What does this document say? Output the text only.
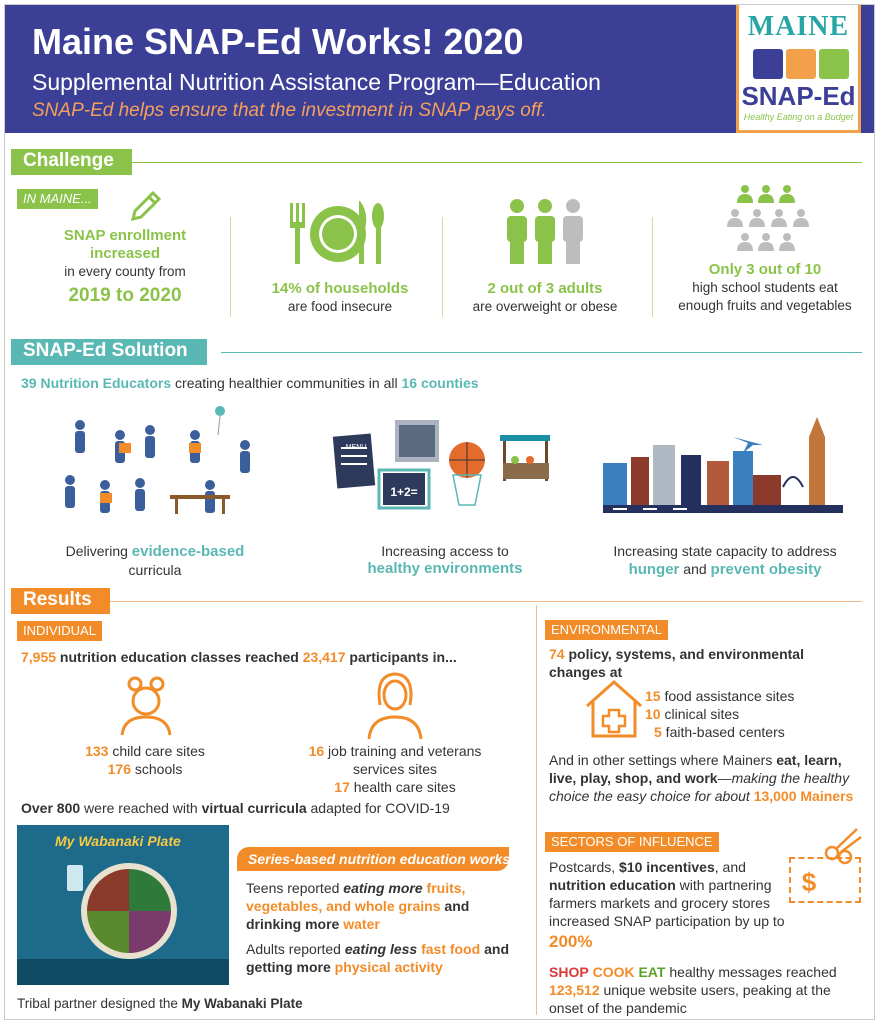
Maine SNAP-Ed Works! 2020
Supplemental Nutrition Assistance Program—Education
SNAP-Ed helps ensure that the investment in SNAP pays off.
MAINE
SNAP-Ed
Healthy Eating on a Budget
Challenge
IN MAINE...
SNAP enrollment
increased
in every county from
2019 to 2020	14% of households
are food insecure
2 out of 3 adults
are overweight or obese
Only 3 out of 10
high school students eat
enough fruits and vegetables
SNAP-Ed Solution
39 Nutrition Educators creating healthier communities in all 16 counties
Delivering evidence-based
curricula
MENU
1+2=
Increasing access to
healthy environments
Increasing state capacity to address
hunger and prevent obesity
Results
INDIVIDUAL
7,955 nutrition education classes reached 23,417 participants in...
133 child care sites
176 schools
16 job training and veterans
services sites
17 health care sites
Over 800 were reached with virtual curricula adapted for COVID-19
My Wabanaki Plate
Series-based nutrition education works!*
Teens reported eating more fruits,
vegetables, and whole grains and
drinking more water
Adults reported eating less fast food and
getting more physical activity
Tribal partner designed the My Wabanaki Plate
ENVIRONMENTAL
74 policy, systems, and environmental
changes at
15 food assistance sites
10 clinical sites
5 faith-based centers
And in other settings where Mainers eat, learn,
live, play, shop, and work—making the healthy
choice the easy choice for about 13,000 Mainers
SECTORS OF INFLUENCE
Postcards, $10 incentives, and
nutrition education with partnering
farmers markets and grocery stores
increased SNAP participation by up to
200%
$
SHOP COOK EAT healthy messages reached
123,512 unique website users, peaking at the
onset of the pandemic
